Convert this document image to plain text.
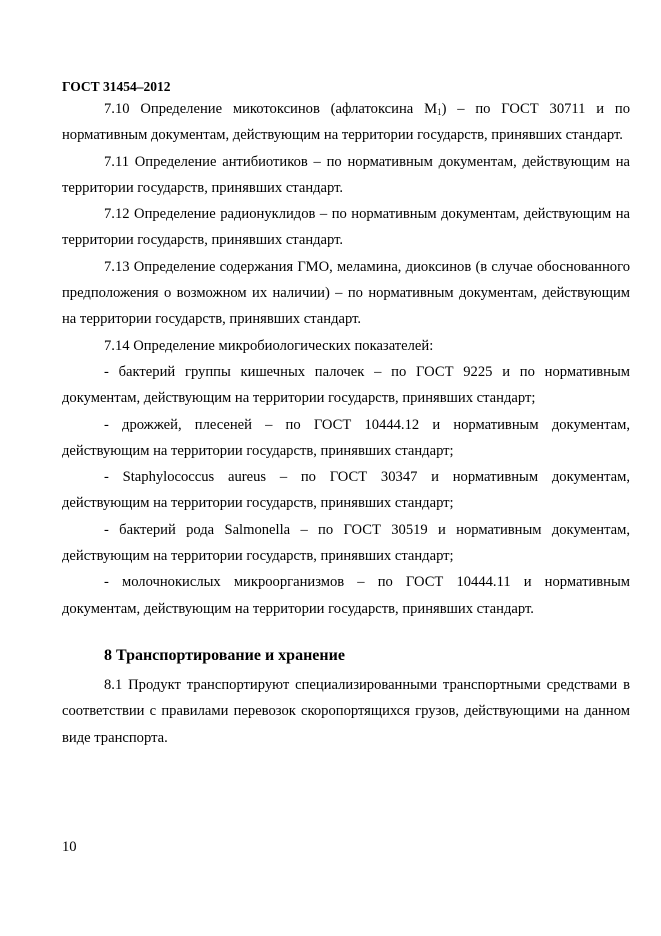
ГОСТ 31454–2012

7.10 Определение микотоксинов (афлатоксина $М_1$) – по ГОСТ 30711 и по нормативным документам, действующим на территории государств, принявших стандарт.

7.11 Определение антибиотиков – по нормативным документам, действующим на территории государств, принявших стандарт.

7.12 Определение радионуклидов – по нормативным документам, действующим на территории государств, принявших стандарт.

7.13 Определение содержания ГМО, меламина, диоксинов (в случае обоснованного предположения о возможном их наличии) – по нормативным документам, действующим на территории государств, принявших стандарт.

7.14 Определение микробиологических показателей:

- бактерий группы кишечных палочек – по ГОСТ 9225 и по нормативным документам, действующим на территории государств, принявших стандарт;

- дрожжей, плесеней – по ГОСТ 10444.12 и нормативным документам, действующим на территории государств, принявших стандарт;

- Staphylococcus aureus – по ГОСТ 30347 и нормативным документам, действующим на территории государств, принявших стандарт;

- бактерий рода Salmonella – по ГОСТ 30519 и нормативным документам, действующим на территории государств, принявших стандарт;

- молочнокислых микроорганизмов – по ГОСТ 10444.11 и нормативным документам, действующим на территории государств, принявших стандарт.

8 Транспортирование и хранение

8.1 Продукт транспортируют специализированными транспортными средствами в соответствии с правилами перевозок скоропортящихся грузов, действующими на данном виде транспорта.

10
